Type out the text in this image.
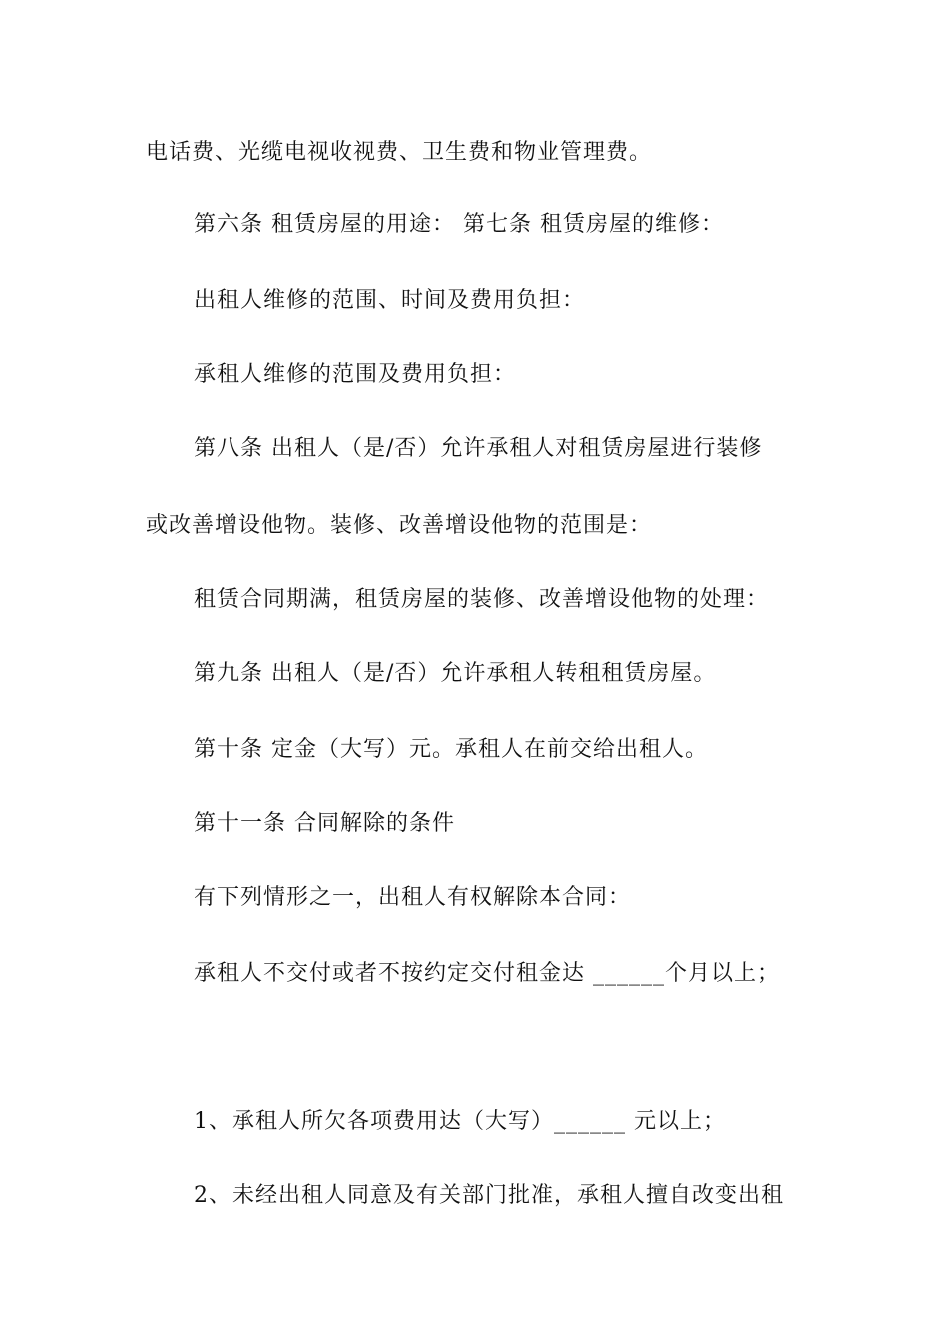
电话费、光缆电视收视费、卫生费和物业管理费。
第六条 租赁房屋的用途： 第七条 租赁房屋的维修：
出租人维修的范围、时间及费用负担：
承租人维修的范围及费用负担：
第八条 出租人（是/否）允许承租人对租赁房屋进行装修
或改善增设他物。装修、改善增设他物的范围是：
租赁合同期满，租赁房屋的装修、改善增设他物的处理：
第九条 出租人（是/否）允许承租人转租租赁房屋。
第十条 定金（大写）元。承租人在前交给出租人。
第十一条 合同解除的条件
有下列情形之一，出租人有权解除本合同：
承租人不交付或者不按约定交付租金达 ______个月以上；
1、承租人所欠各项费用达（大写）______ 元以上；
2、未经出租人同意及有关部门批准，承租人擅自改变出租
